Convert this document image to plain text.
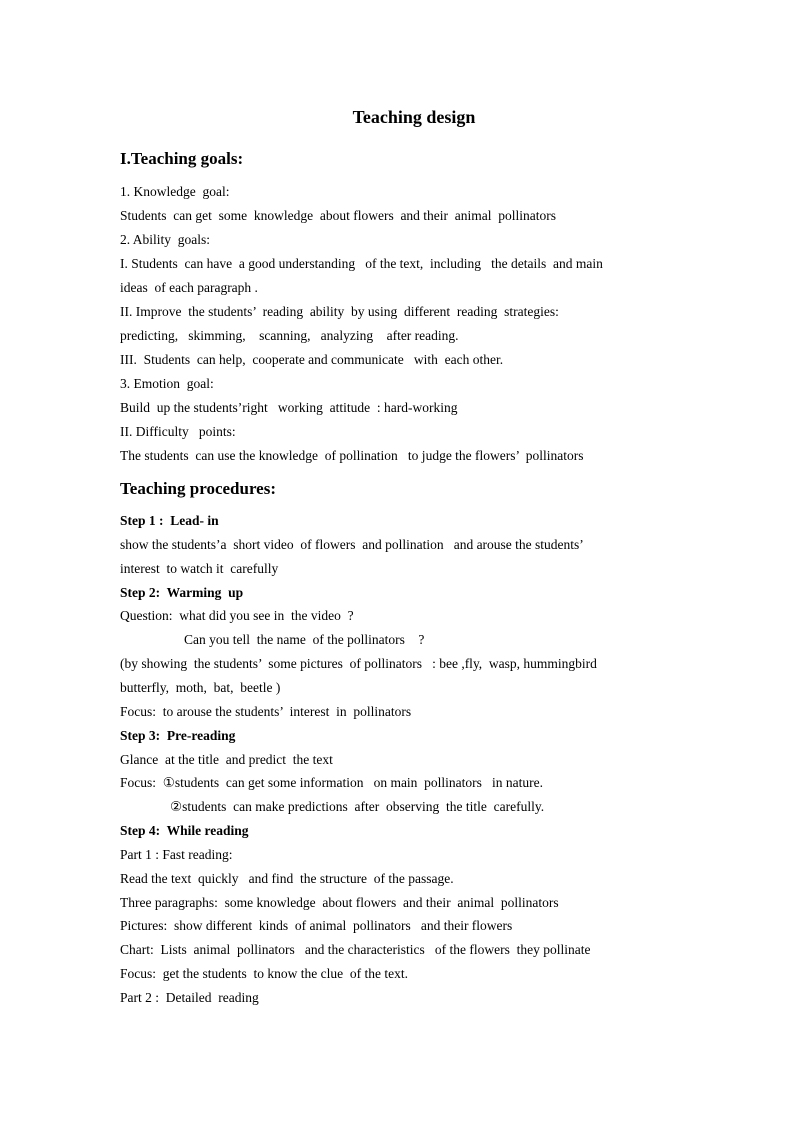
Teaching design
I.Teaching goals:
1. Knowledge  goal:
Students  can get  some  knowledge  about flowers  and their  animal  pollinators
2. Ability  goals:
I. Students  can have  a good understanding   of the text,  including   the details  and main
ideas  of each paragraph .
II. Improve  the students’  reading  ability  by using  different  reading  strategies:
predicting,   skimming,    scanning,   analyzing    after reading.
III.  Students  can help,  cooperate and communicate   with  each other.
3. Emotion  goal:
Build  up the students’right   working  attitude  : hard-working
II. Difficulty   points:
The students  can use the knowledge  of pollination   to judge the flowers’  pollinators
Teaching procedures:
Step 1 :  Lead- in
show the students’a  short video  of flowers  and pollination   and arouse the students’
interest  to watch it  carefully
Step 2:  Warming  up
Question:  what did you see in  the video  ?
Can you tell  the name  of the pollinators    ?
(by showing  the students’  some pictures  of pollinators   : bee ,fly,  wasp, hummingbird
butterfly,  moth,  bat,  beetle )
Focus:  to arouse the students’  interest  in  pollinators
Step 3:  Pre-reading
Glance  at the title  and predict  the text
Focus:  ①students  can get some information   on main  pollinators   in nature.
②students  can make predictions  after  observing  the title  carefully.
Step 4:  While reading
Part 1 : Fast reading:
Read the text  quickly   and find  the structure  of the passage.
Three paragraphs:  some knowledge  about flowers  and their  animal  pollinators
Pictures:  show different  kinds  of animal  pollinators   and their flowers
Chart:  Lists  animal  pollinators   and the characteristics   of the flowers  they pollinate
Focus:  get the students  to know the clue  of the text.
Part 2 :  Detailed  reading
